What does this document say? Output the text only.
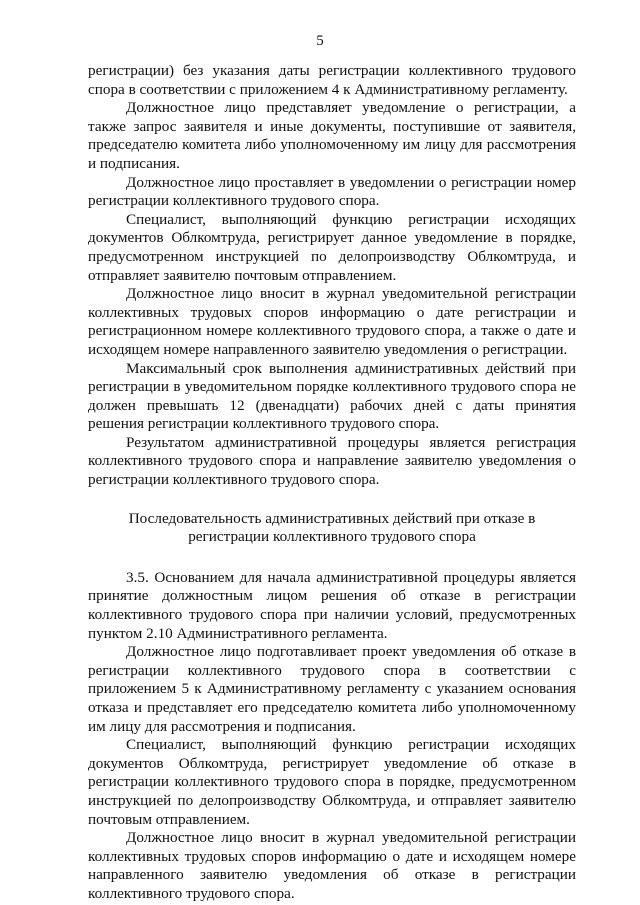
5

регистрации) без указания даты регистрации коллективного трудового спора в соответствии с приложением 4 к Административному регламенту.

Должностное лицо представляет уведомление о регистрации, а также запрос заявителя и иные документы, поступившие от заявителя, председателю комитета либо уполномоченному им лицу для рассмотрения и подписания.

Должностное лицо проставляет в уведомлении о регистрации номер регистрации коллективного трудового спора.

Специалист, выполняющий функцию регистрации исходящих документов Облкомтруда, регистрирует данное уведомление в порядке, предусмотренном инструкцией по делопроизводству Облкомтруда, и отправляет заявителю почтовым отправлением.

Должностное лицо вносит в журнал уведомительной регистрации коллективных трудовых споров информацию о дате регистрации и регистрационном номере коллективного трудового спора, а также о дате и исходящем номере направленного заявителю уведомления о регистрации.

Максимальный срок выполнения административных действий при регистрации в уведомительном порядке коллективного трудового спора не должен превышать 12 (двенадцати) рабочих дней с даты принятия решения регистрации коллективного трудового спора.

Результатом административной процедуры является регистрация коллективного трудового спора и направление заявителю уведомления о регистрации коллективного трудового спора.

Последовательность административных действий при отказе в регистрации коллективного трудового спора

3.5. Основанием для начала административной процедуры является принятие должностным лицом решения об отказе в регистрации коллективного трудового спора при наличии условий, предусмотренных пунктом 2.10 Административного регламента.

Должностное лицо подготавливает проект уведомления об отказе в регистрации коллективного трудового спора в соответствии с приложением 5 к Административному регламенту с указанием основания отказа и представляет его председателю комитета либо уполномоченному им лицу для рассмотрения и подписания.

Специалист, выполняющий функцию регистрации исходящих документов Облкомтруда, регистрирует уведомление об отказе в регистрации коллективного трудового спора в порядке, предусмотренном инструкцией по делопроизводству Облкомтруда, и отправляет заявителю почтовым отправлением.

Должностное лицо вносит в журнал уведомительной регистрации коллективных трудовых споров информацию о дате и исходящем номере направленного заявителю уведомления об отказе в регистрации коллективного трудового спора.
